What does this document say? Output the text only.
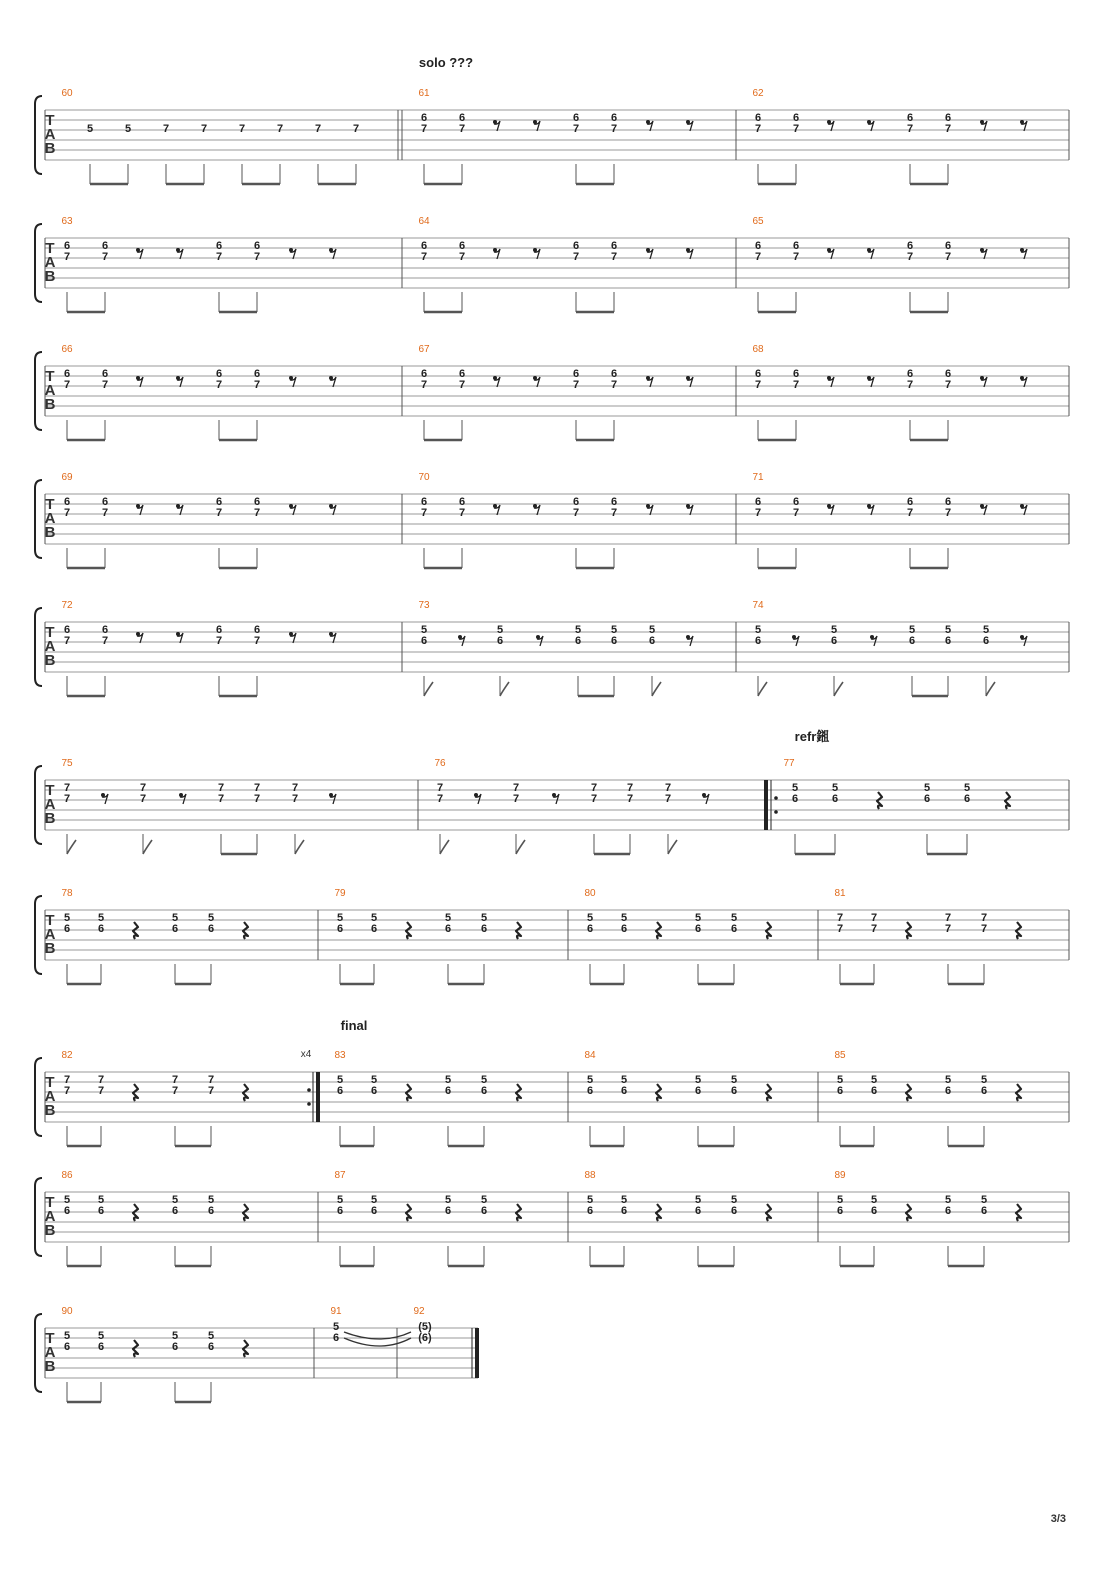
T
A
B
60
5	5	7	7	7	7	7	7
61
6
7
6
7
6
7
6
7
62
6
7
6
7
6
7
6
7
T
A
B
63
6
7
6
7
6
7
6
7
64
6
7
6
7
6
7
6
7
65
6
7
6
7
6
7
6
7
T
A
B
66
6
7
6
7
6
7
6
7
67
6
7
6
7
6
7
6
7
68
6
7
6
7
6
7
6
7
T
A
B
69
6
7
6
7
6
7
6
7
70
6
7
6
7
6
7
6
7
71
6
7
6
7
6
7
6
7
T
A
B
72
6
7
6
7
6
7
6
7
73
5
6
5
6
5
6
5
6
5
6
74
5
6
5
6
5
6
5
6
5
6
T
A
B
75
7
7
7
7
7
7
7
7
7
7
76
7
7
7
7
7
7
7
7
7
7
77
5
6
5
6
5
6
5
6
T
A
B
78
5
6
5
6
5
6
5
6
79
5
6
5
6
5
6
5
6
80
5
6
5
6
5
6
5
6
81
7
7
7
7
7
7
7
7
T
A
B
82
7
7
7
7
7
7
7
7
83
5
6
5
6
5
6
5
6
84
5
6
5
6
5
6
5
6
85
5
6
5
6
5
6
5
6
T
A
B
86
5
6
5
6
5
6
5
6
87
5
6
5
6
5
6
5
6
88
5
6
5
6
5
6
5
6
89
5
6
5
6
5
6
5
6
T
A
B
90
5
6
5
6
5
6
5
6
91
5
6
92
(5)
(6)
x4
solo ???
refr鎺
final
3/3
